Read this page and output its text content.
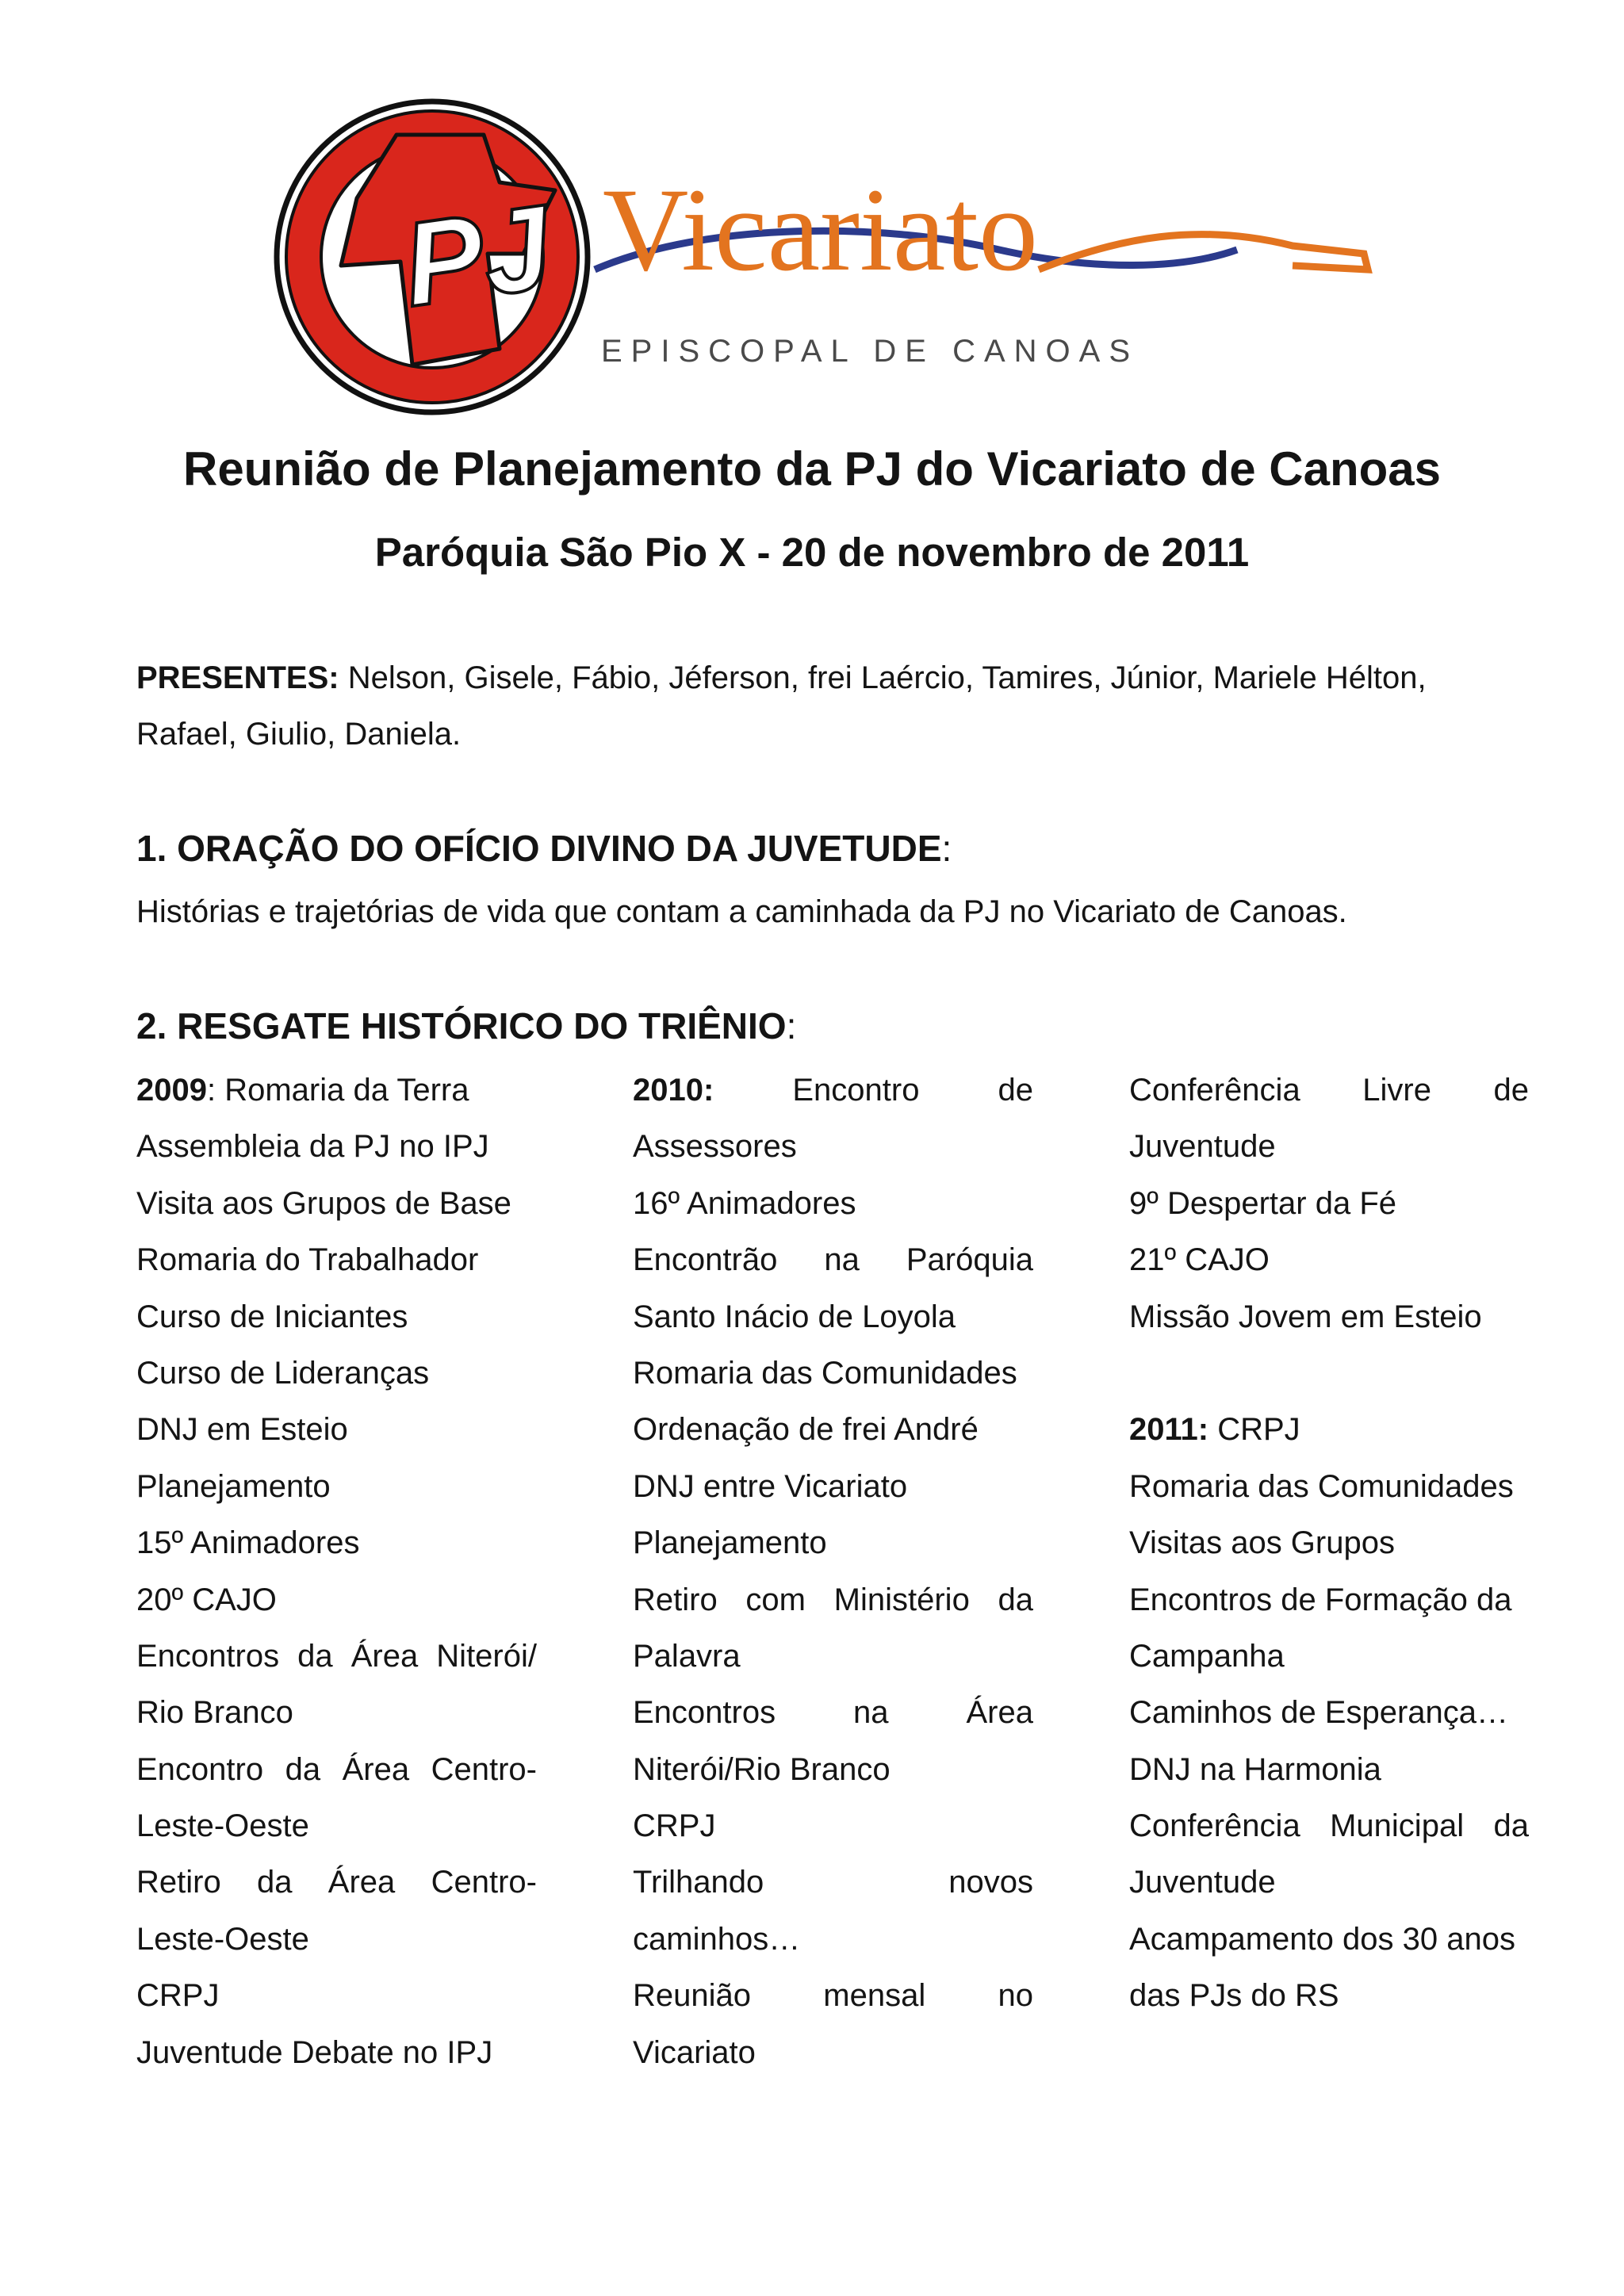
PJ Vicariato
EPISCOPAL DE CANOAS
Reunião de Planejamento da PJ do Vicariato de Canoas
Paróquia São Pio X - 20 de novembro de 2011
PRESENTES: Nelson, Gisele, Fábio, Jéferson, frei Laércio, Tamires, Júnior, Mariele Hélton,
Rafael, Giulio, Daniela.
1. ORAÇÃO DO OFÍCIO DIVINO DA JUVETUDE:

Histórias e trajetórias de vida que contam a caminhada da PJ no Vicariato de Canoas.

2. RESGATE HISTÓRICO DO TRIÊNIO:
2009: Romaria da Terra
Assembleia da PJ no IPJ
Visita aos Grupos de Base
Romaria do Trabalhador
Curso de Iniciantes
Curso de Lideranças
DNJ em Esteio
Planejamento
15º Animadores
20º CAJO
Encontros da Área Niterói/
Rio Branco
Encontro da Área Centro-
Leste-Oeste
Retiro da Área Centro-
Leste-Oeste
CRPJ
Juventude Debate no IPJ
2010: Encontro de
Assessores
16º Animadores
Encontrão na Paróquia
Santo Inácio de Loyola
Romaria das Comunidades
Ordenação de frei André
DNJ entre Vicariato
Planejamento
Retiro com Ministério da
Palavra
Encontros na Área
Niterói/Rio Branco
CRPJ
Trilhando	novos
caminhos…
Reunião mensal no
Vicariato
Conferência Livre de
Juventude
9º Despertar da Fé
21º CAJO
Missão Jovem em Esteio
2011: CRPJ
Romaria das Comunidades
Visitas aos Grupos
Encontros de Formação da
Campanha
Caminhos de Esperança…
DNJ na Harmonia
Conferência Municipal da
Juventude
Acampamento dos 30 anos
das PJs do RS
